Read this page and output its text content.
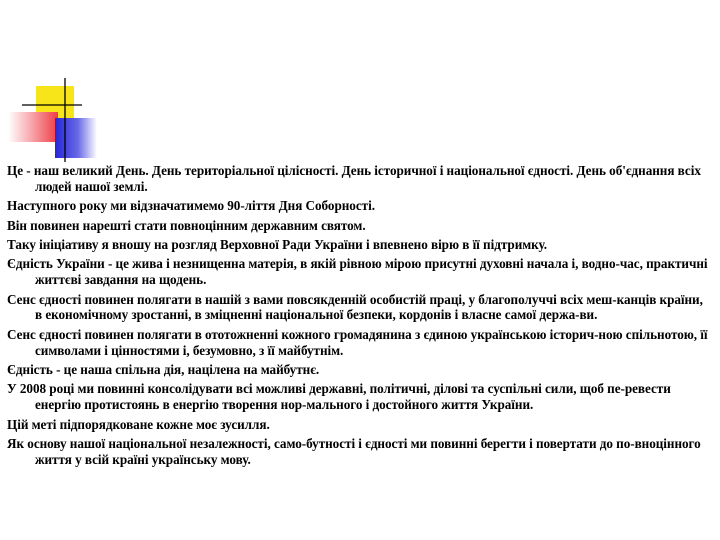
Це - наш великий День. День територіальної цілісності. День історичної і національної єдності. День об'єднання всіх людей нашої землі.

Наступного року ми відзначатимемо 90-ліття Дня Соборності.

Він повинен нарешті стати повноцінним державним святом.

Таку ініціативу я вношу на розгляд Верховної Ради України і впевнено вірю в її підтримку.

Єдність України - це жива і незнищенна матерія, в якій рівною мірою присутні духовні начала і, водно-час, практичні життєві завдання на щодень.

Сенс єдності повинен полягати в нашій з вами повсякденній особистій праці, у благополуччі всіх меш-канців країни, в економічному зростанні, в зміцненні національної безпеки, кордонів і власне самої держа-ви.

Сенс єдності повинен полягати в ототожненні кожного громадянина з єдиною українською історич-ною спільнотою, її символами і цінностями і, безумовно, з її майбутнім.

Єдність - це наша спільна дія, націлена на майбутнє.

У 2008 році ми повинні консолідувати всі можливі державні, політичні, ділові та суспільні сили, щоб пе-ревести енергію протистоянь в енергію творення нор-мального і достойного життя України.

Цій меті підпорядковане кожне моє зусилля.

Як основу нашої національної незалежності, само-бутності і єдності ми повинні берегти і повертати до по-вноцінного життя у всій країні українську мову.
